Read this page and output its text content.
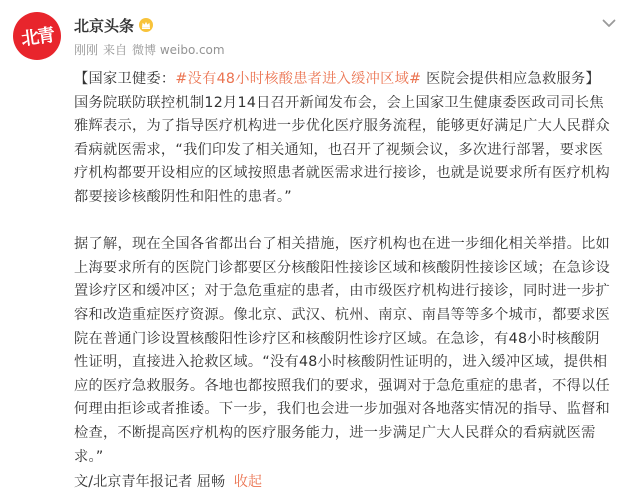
北青 北京头条
刚刚 来自 微博 weibo.com

【国家卫健委：#没有48小时核酸患者进入缓冲区域# 医院会提供相应急救服务】国务院联防联控机制12月14日召开新闻发布会，会上国家卫生健康委医政司司长焦雅辉表示，为了指导医疗机构进一步优化医疗服务流程，能够更好满足广大人民群众看病就医需求，“我们印发了相关通知，也召开了视频会议，多次进行部署，要求医疗机构都要开设相应的区域按照患者就医需求进行接诊，也就是说要求所有医疗机构都要接诊核酸阴性和阳性的患者。”

据了解，现在全国各省都出台了相关措施，医疗机构也在进一步细化相关举措。比如上海要求所有的医院门诊都要区分核酸阳性接诊区域和核酸阴性接诊区域；在急诊设置诊疗区和缓冲区；对于急危重症的患者，由市级医疗机构进行接诊，同时进一步扩容和改造重症医疗资源。像北京、武汉、杭州、南京、南昌等等多个城市，都要求医院在普通门诊设置核酸阳性诊疗区和核酸阴性诊疗区域。在急诊，有48小时核酸阴性证明，直接进入抢救区域。“没有48小时核酸阴性证明的，进入缓冲区域，提供相应的医疗急救服务。各地也都按照我们的要求，强调对于急危重症的患者，不得以任何理由拒诊或者推诿。下一步，我们也会进一步加强对各地落实情况的指导、监督和检查，不断提高医疗机构的医疗服务能力，进一步满足广大人民群众的看病就医需求。”

文/北京青年报记者 屈畅 收起
